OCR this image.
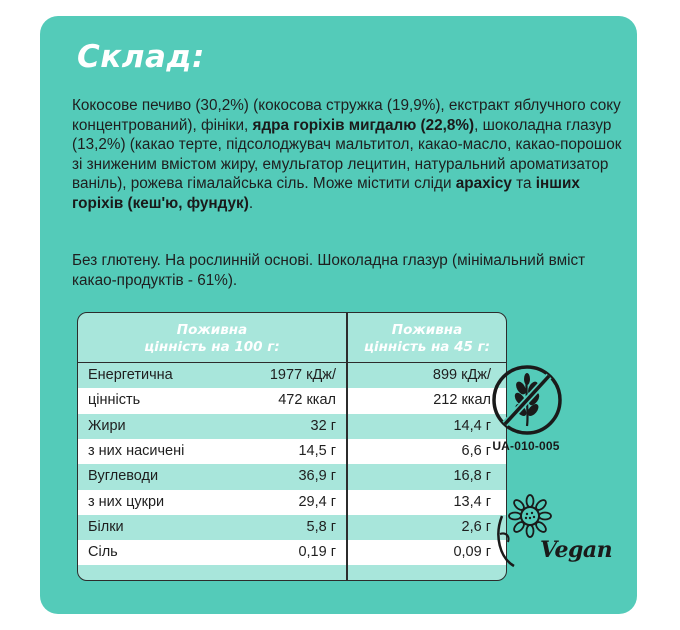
Склад:

Кокосове печиво (30,2%) (кокосова стружка (19,9%), екстракт яблучного соку концентрований), фініки, ядра горіхів мигдалю (22,8%), шоколадна глазур (13,2%) (какао терте, підсолоджувач мальтитол, какао-масло, какао-порошок зі зниженим вмістом жиру, емульгатор лецитин, натуральний ароматизатор ваніль), рожева гімалайська сіль. Може містити сліди арахісу та інших горіхів (кеш'ю, фундук).

Без глютену. На рослинній основі. Шоколадна глазур (мінімальний вміст какао-продуктів - 61%).

Поживна
цінність на 100 г:
Поживна
цінність на 45 г:
Енергетична	1977 кДж/	899 кДж/
цінність	472 ккал	212 ккал
Жири	32 г	14,4 г
з них насичені	14,5 г	6,6 г
Вуглеводи	36,9 г	16,8 г
з них цукри	29,4 г	13,4 г
Білки	5,8 г	2,6 г
Сіль	0,19 г	0,09 г
UA-010-005
Vegan
